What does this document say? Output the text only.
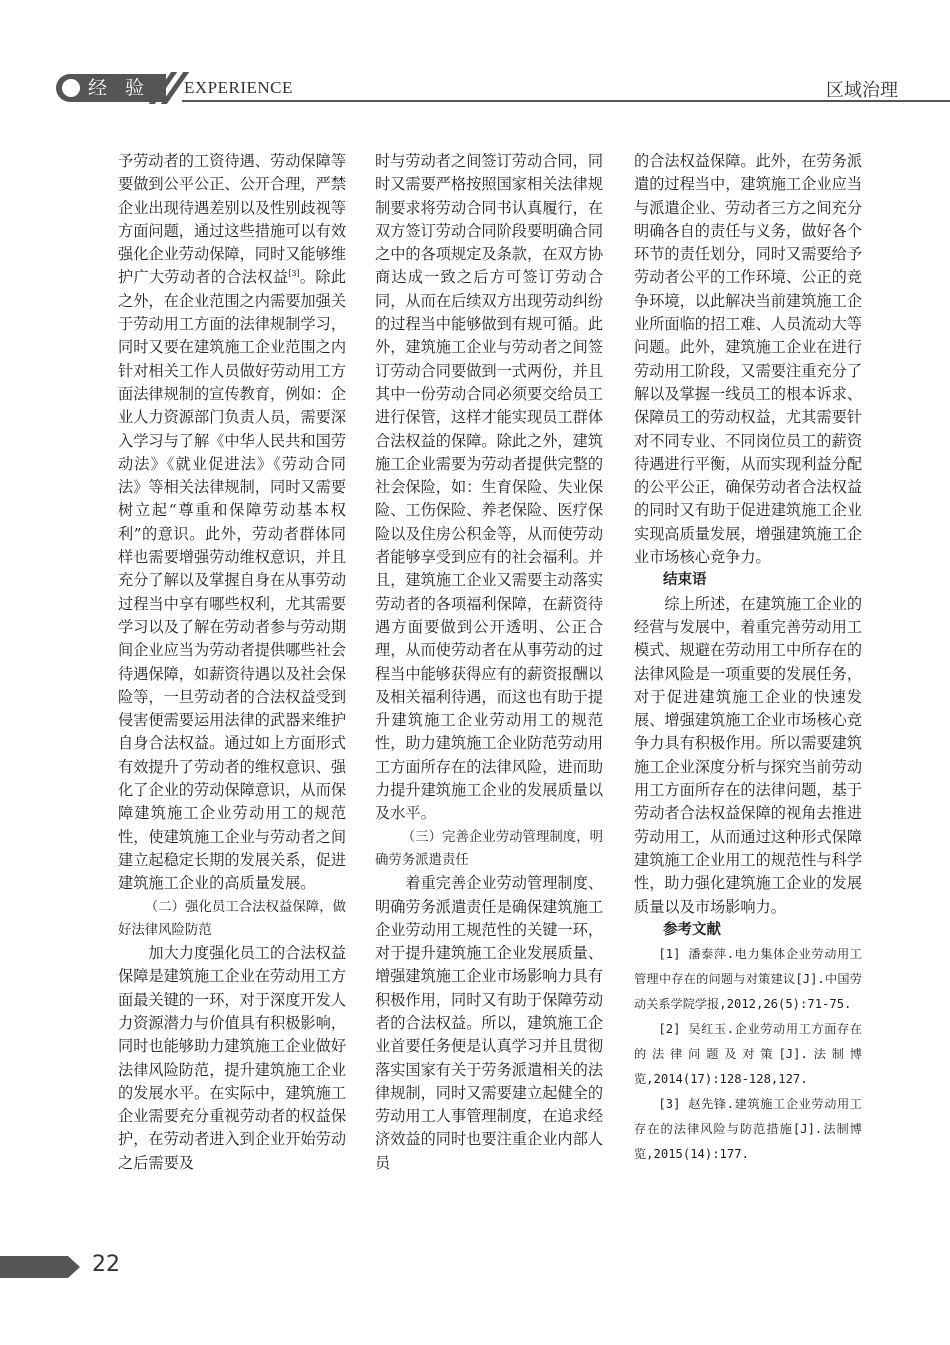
经 验 EXPERIENCE	区域治理

予劳动者的工资待遇、劳动保障等要做到公平公正、公开合理，严禁企业出现待遇差别以及性别歧视等方面问题，通过这些措施可以有效强化企业劳动保障，同时又能够维护广大劳动者的合法权益[3]。除此之外，在企业范围之内需要加强关于劳动用工方面的法律规制学习，同时又要在建筑施工企业范围之内针对相关工作人员做好劳动用工方面法律规制的宣传教育，例如：企业人力资源部门负责人员，需要深入学习与了解《中华人民共和国劳动法》《就业促进法》《劳动合同法》等相关法律规制，同时又需要树立起“尊重和保障劳动基本权利”的意识。此外，劳动者群体同样也需要增强劳动维权意识，并且充分了解以及掌握自身在从事劳动过程当中享有哪些权利，尤其需要学习以及了解在劳动者参与劳动期间企业应当为劳动者提供哪些社会待遇保障，如薪资待遇以及社会保险等，一旦劳动者的合法权益受到侵害便需要运用法律的武器来维护自身合法权益。通过如上方面形式有效提升了劳动者的维权意识、强化了企业的劳动保障意识，从而保障建筑施工企业劳动用工的规范性，使建筑施工企业与劳动者之间建立起稳定长期的发展关系，促进建筑施工企业的高质量发展。

（二）强化员工合法权益保障，做好法律风险防范

加大力度强化员工的合法权益保障是建筑施工企业在劳动用工方面最关键的一环，对于深度开发人力资源潜力与价值具有积极影响，同时也能够助力建筑施工企业做好法律风险防范，提升建筑施工企业的发展水平。在实际中，建筑施工企业需要充分重视劳动者的权益保护，在劳动者进入到企业开始劳动之后需要及

时与劳动者之间签订劳动合同，同时又需要严格按照国家相关法律规制要求将劳动合同书认真履行，在双方签订劳动合同阶段要明确合同之中的各项规定及条款，在双方协商达成一致之后方可签订劳动合同，从而在后续双方出现劳动纠纷的过程当中能够做到有规可循。此外，建筑施工企业与劳动者之间签订劳动合同要做到一式两份，并且其中一份劳动合同必须要交给员工进行保管，这样才能实现员工群体合法权益的保障。除此之外，建筑施工企业需要为劳动者提供完整的社会保险，如：生育保险、失业保险、工伤保险、养老保险、医疗保险以及住房公积金等，从而使劳动者能够享受到应有的社会福利。并且，建筑施工企业又需要主动落实劳动者的各项福利保障，在薪资待遇方面要做到公开透明、公正合理，从而使劳动者在从事劳动的过程当中能够获得应有的薪资报酬以及相关福利待遇，而这也有助于提升建筑施工企业劳动用工的规范性，助力建筑施工企业防范劳动用工方面所存在的法律风险，进而助力提升建筑施工企业的发展质量以及水平。

（三）完善企业劳动管理制度，明确劳务派遣责任

着重完善企业劳动管理制度、明确劳务派遣责任是确保建筑施工企业劳动用工规范性的关键一环，对于提升建筑施工企业发展质量、增强建筑施工企业市场影响力具有积极作用，同时又有助于保障劳动者的合法权益。所以，建筑施工企业首要任务便是认真学习并且贯彻落实国家有关于劳务派遣相关的法律规制，同时又需要建立起健全的劳动用工人事管理制度，在追求经济效益的同时也要注重企业内部人员

的合法权益保障。此外，在劳务派遣的过程当中，建筑施工企业应当与派遣企业、劳动者三方之间充分明确各自的责任与义务，做好各个环节的责任划分，同时又需要给予劳动者公平的工作环境、公正的竞争环境，以此解决当前建筑施工企业所面临的招工难、人员流动大等问题。此外，建筑施工企业在进行劳动用工阶段，又需要注重充分了解以及掌握一线员工的根本诉求、保障员工的劳动权益，尤其需要针对不同专业、不同岗位员工的薪资待遇进行平衡，从而实现利益分配的公平公正，确保劳动者合法权益的同时又有助于促进建筑施工企业实现高质量发展，增强建筑施工企业市场核心竞争力。

结束语

综上所述，在建筑施工企业的经营与发展中，着重完善劳动用工模式、规避在劳动用工中所存在的法律风险是一项重要的发展任务，对于促进建筑施工企业的快速发展、增强建筑施工企业市场核心竞争力具有积极作用。所以需要建筑施工企业深度分析与探究当前劳动用工方面所存在的法律问题，基于劳动者合法权益保障的视角去推进劳动用工，从而通过这种形式保障建筑施工企业用工的规范性与科学性，助力强化建筑施工企业的发展质量以及市场影响力。

参考文献

[1] 潘泰萍.电力集体企业劳动用工管理中存在的问题与对策建议[J].中国劳动关系学院学报,2012,26(5):71-75.

[2] 吴红玉.企业劳动用工方面存在的法律问题及对策[J].法制博览,2014(17):128-128,127.

[3] 赵先锋.建筑施工企业劳动用工存在的法律风险与防范措施[J].法制博览,2015(14):177.

22
